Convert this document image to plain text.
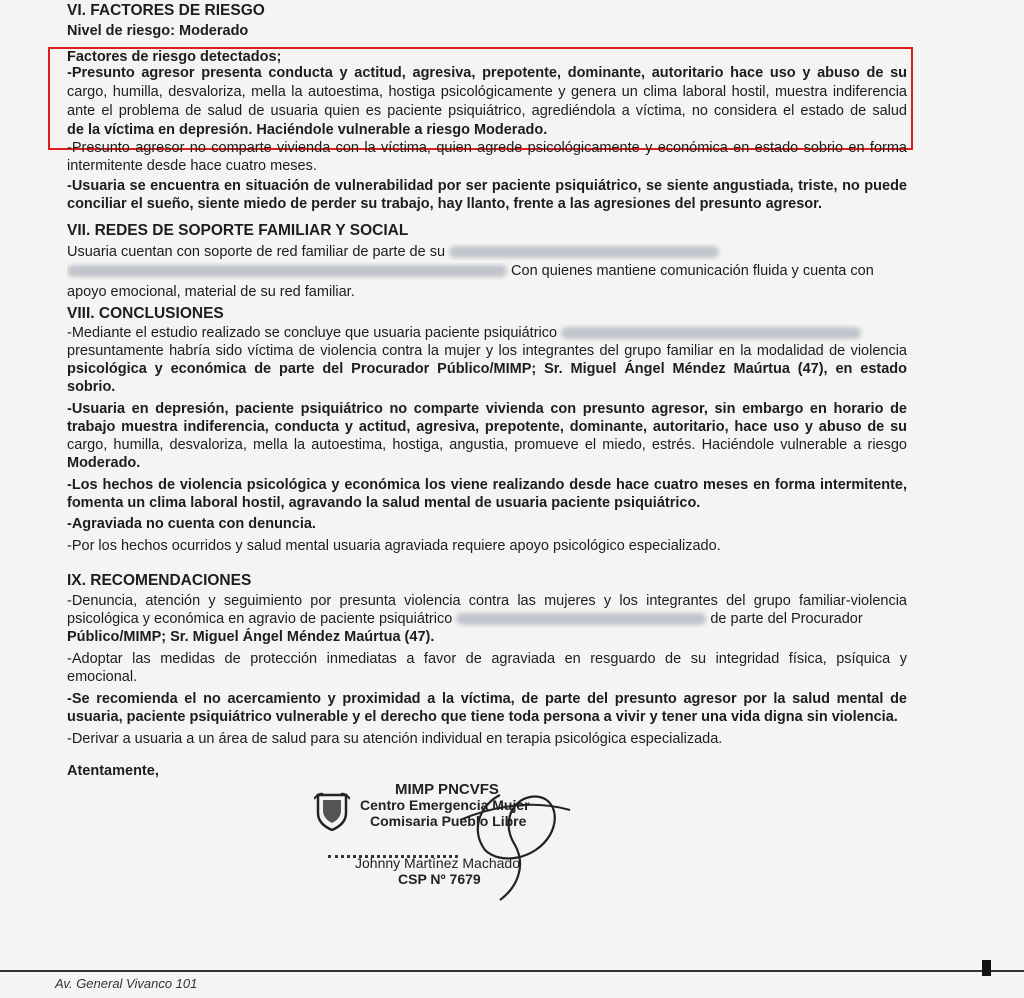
VI. FACTORES DE RIESGO
Nivel de riesgo: Moderado
Factores de riesgo detectados;
-Presunto agresor presenta conducta y actitud, agresiva, prepotente, dominante, autoritario hace uso y abuso de su
cargo, humilla, desvaloriza, mella la autoestima, hostiga psicológicamente y genera un clima laboral hostil, muestra indiferencia
ante el problema de salud de usuaria quien es paciente psiquiátrico, agrediéndola a víctima, no considera el estado de salud
de la víctima en depresión. Haciéndole vulnerable a riesgo Moderado.
-Presunto agresor no comparte vivienda con la víctima, quien agrede psicológicamente y económica en estado sobrio en forma
intermitente desde hace cuatro meses.
-Usuaria se encuentra en situación de vulnerabilidad por ser paciente psiquiátrico, se siente angustiada, triste, no puede
conciliar el sueño, siente miedo de perder su trabajo, hay llanto, frente a las agresiones del presunto agresor.
VII. REDES DE SOPORTE FAMILIAR Y SOCIAL
Usuaria cuentan con soporte de red familiar de parte de su
Con quienes mantiene comunicación fluida y cuenta con
apoyo emocional, material de su red familiar.
VIII. CONCLUSIONES
-Mediante el estudio realizado se concluye que usuaria paciente psiquiátrico
presuntamente habría sido víctima de violencia contra la mujer y los integrantes del grupo familiar en la modalidad de violencia
psicológica y económica de parte del Procurador Público/MIMP; Sr. Miguel Ángel Méndez Maúrtua (47), en estado
sobrio.
-Usuaria en depresión, paciente psiquiátrico no comparte vivienda con presunto agresor, sin embargo en horario de
trabajo muestra indiferencia, conducta y actitud, agresiva, prepotente, dominante, autoritario, hace uso y abuso de su
cargo, humilla, desvaloriza, mella la autoestima, hostiga, angustia, promueve el miedo, estrés. Haciéndole vulnerable a riesgo
Moderado.
-Los hechos de violencia psicológica y económica los viene realizando desde hace cuatro meses en forma intermitente,
fomenta un clima laboral hostil, agravando la salud mental de usuaria paciente psiquiátrico.
-Agraviada no cuenta con denuncia.
-Por los hechos ocurridos y salud mental usuaria agraviada requiere apoyo psicológico especializado.
IX. RECOMENDACIONES
-Denuncia, atención y seguimiento por presunta violencia contra las mujeres y los integrantes del grupo familiar-violencia
psicológica y económica en agravio de paciente psiquiátrico	de parte del Procurador
Público/MIMP; Sr. Miguel Ángel Méndez Maúrtua (47).
-Adoptar las medidas de protección inmediatas a favor de agraviada en resguardo de su integridad física, psíquica y
emocional.
-Se recomienda el no acercamiento y proximidad a la víctima, de parte del presunto agresor por la salud mental de
usuaria, paciente psiquiátrico vulnerable y el derecho que tiene toda persona a vivir y tener una vida digna sin violencia.
-Derivar a usuaria a un área de salud para su atención individual en terapia psicológica especializada.
Atentamente,
MIMP PNCVFS
Centro Emergencia Mujer
Comisaria Pueblo Libre
Johnny Martínez Machado
CSP Nº 7679
Av. General Vivanco 101
